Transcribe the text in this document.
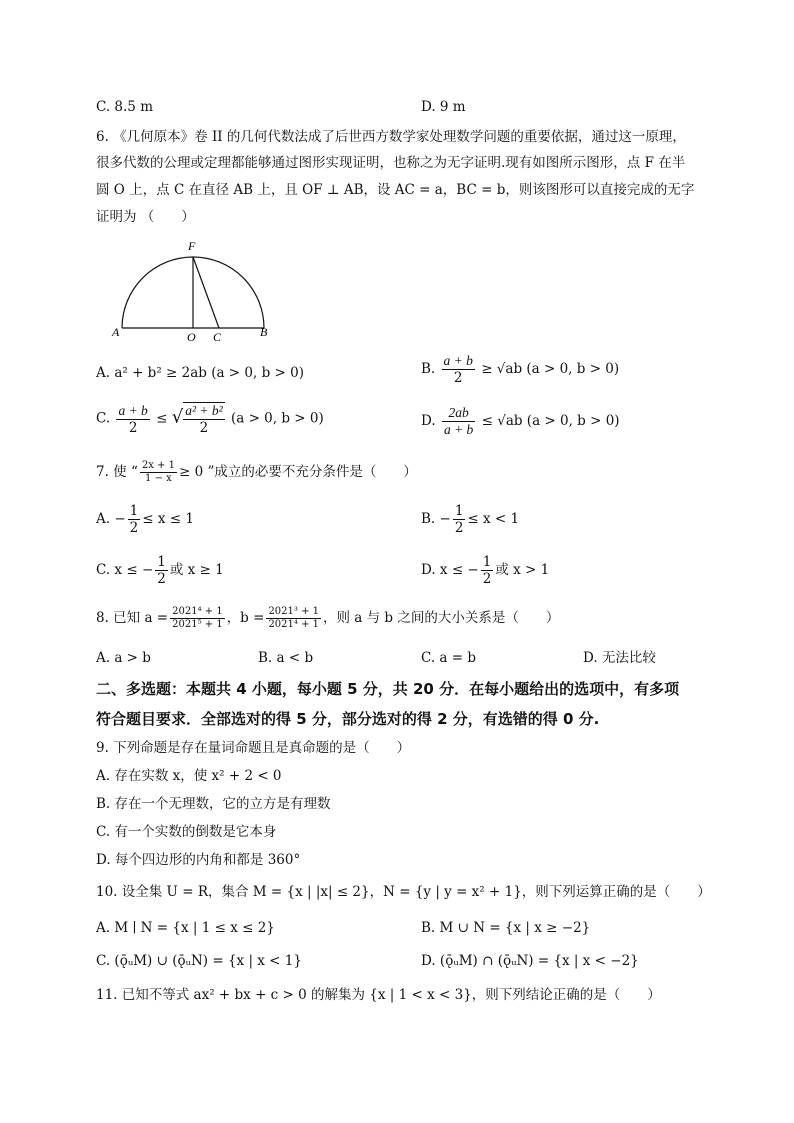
C. 8.5 m	D. 9 m
6. 《几何原本》卷 II 的几何代数法成了后世西方数学家处理数学问题的重要依据，通过这一原理，
很多代数的公理或定理都能够通过图形实现证明，也称之为无字证明.现有如图所示图形，点 F 在半
圆 O 上，点 C 在直径 AB 上，且 OF ⊥ AB，设 AC = a，BC = b，则该图形可以直接完成的无字
证明为 （　　）
F
A	O C	B
A. a² + b² ≥ 2ab (a > 0, b > 0)	B. $\frac{a + b}{2} \ge √ab$ (a > 0, b > 0)
C. $\frac{a + b}{2}$ ≤ √ $\frac{\text{a² + b²}}{2} (a > 0$, b > 0)	D. $\frac{2ab}{a + b} \le √ab$ (a > 0, b > 0)
7. 使 “ $\frac{2x + 1}{1 - x} \ge 0$ ”成立的必要不充分条件是（　　）
A. − $\frac{1}{2} \le x \le 1$	B. − $\frac{1}{2} \le x < 1$
C. x ≤ − $\frac{1}{2}$ 或 x ≥ 1	D. x ≤ − $\frac{1}{2}$ 或 x > 1
8. 已知 $a = \frac{\text{2021⁴ + 1}}{\text{2021⁵ + 1}}$ ，$b = \frac{\text{2021³ + 1}}{\text{2021⁴ + 1}}$ ，则 a 与 b 之间的大小关系是（　　）
A. a > b	B. a < b	C. a = b	D. 无法比较
二、多选题：本题共 4 小题，每小题 5 分，共 20 分．在每小题给出的选项中，有多项
符合题目要求．全部选对的得 5 分，部分选对的得 2 分，有选错的得 0 分.
9. 下列命题是存在量词命题且是真命题的是（　　）
A. 存在实数 x，使 x² + 2 < 0
B. 存在一个无理数，它的立方是有理数
C. 有一个实数的倒数是它本身
D. 每个四边形的内角和都是 360°
10. 设全集 U = R，集合 M = {x | |x| ≤ 2}，N = {y | y = x² + 1}，则下列运算正确的是（　　）
A. M ∣ N = {x | 1 ≤ x ≤ 2}	B. M ∪ N = {x | x ≥ −2}
C. (ǭᵤM) ∪ (ǭᵤN) = {x | x < 1}	D. (ǭᵤM) ∩ (ǭᵤN) = {x | x < −2}
11. 已知不等式 ax² + bx + c > 0 的解集为 {x | 1 < x < 3}，则下列结论正确的是（　　）
